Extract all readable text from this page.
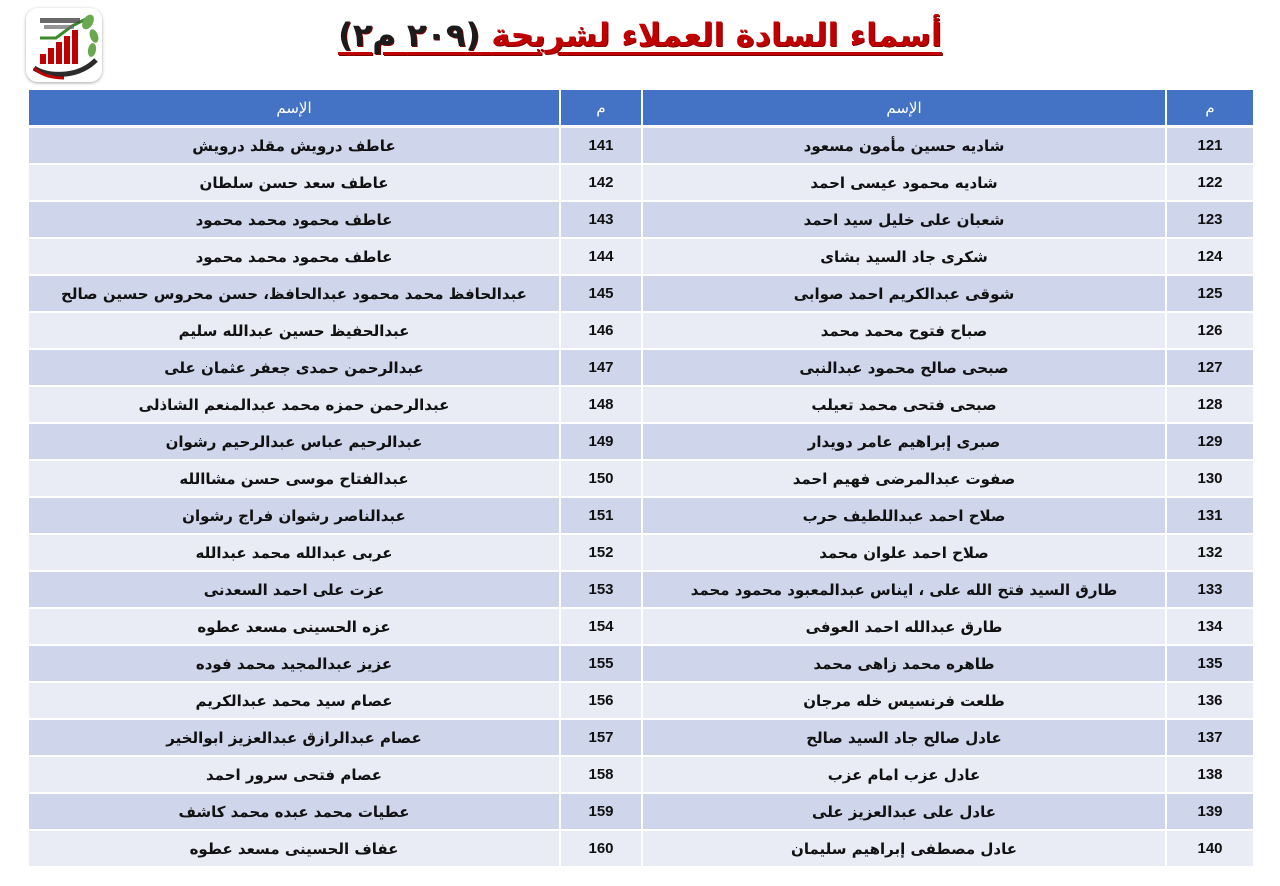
أسماء السادة العملاء لشريحة (٢٠٩ م٢)
م	الإسم	م	الإسم
121	شاديه حسين مأمون مسعود	141	عاطف درويش مقلد درويش
122	شاديه محمود عيسى احمد	142	عاطف سعد حسن سلطان
123	شعبان على خليل سيد احمد	143	عاطف محمود محمد محمود
124	شكرى جاد السيد بشاى	144	عاطف محمود محمد محمود
125	شوقى عبدالكريم احمد صوابى	145	عبدالحافظ محمد محمود عبدالحافظ، حسن محروس حسين صالح
126	صباح فتوح محمد محمد	146	عبدالحفيظ حسين عبدالله سليم
127	صبحى صالح محمود عبدالنبى	147	عبدالرحمن حمدى جعفر عثمان على
128	صبحى فتحى محمد تعيلب	148	عبدالرحمن حمزه محمد عبدالمنعم الشاذلى
129	صبرى إبراهيم عامر دويدار	149	عبدالرحيم عباس عبدالرحيم رشوان
130	صفوت عبدالمرضى فهيم احمد	150	عبدالفتاح موسى حسن مشاالله
131	صلاح احمد عبداللطيف حرب	151	عبدالناصر رشوان فراج رشوان
132	صلاح احمد علوان محمد	152	عربى عبدالله محمد عبدالله
133	طارق السيد فتح الله على ، ايناس عبدالمعبود محمود محمد	153	عزت على احمد السعدنى
134	طارق عبدالله احمد العوفى	154	عزه الحسينى مسعد عطوه
135	طاهره محمد زاهى محمد	155	عزيز عبدالمجيد محمد فوده
136	طلعت فرنسيس خله مرجان	156	عصام سيد محمد عبدالكريم
137	عادل صالح جاد السيد صالح	157	عصام عبدالرازق عبدالعزيز ابوالخير
138	عادل عزب امام عزب	158	عصام فتحى سرور احمد
139	عادل على عبدالعزيز على	159	عطيات محمد عبده محمد كاشف
140	عادل مصطفى إبراهيم سليمان	160	عفاف الحسينى مسعد عطوه
